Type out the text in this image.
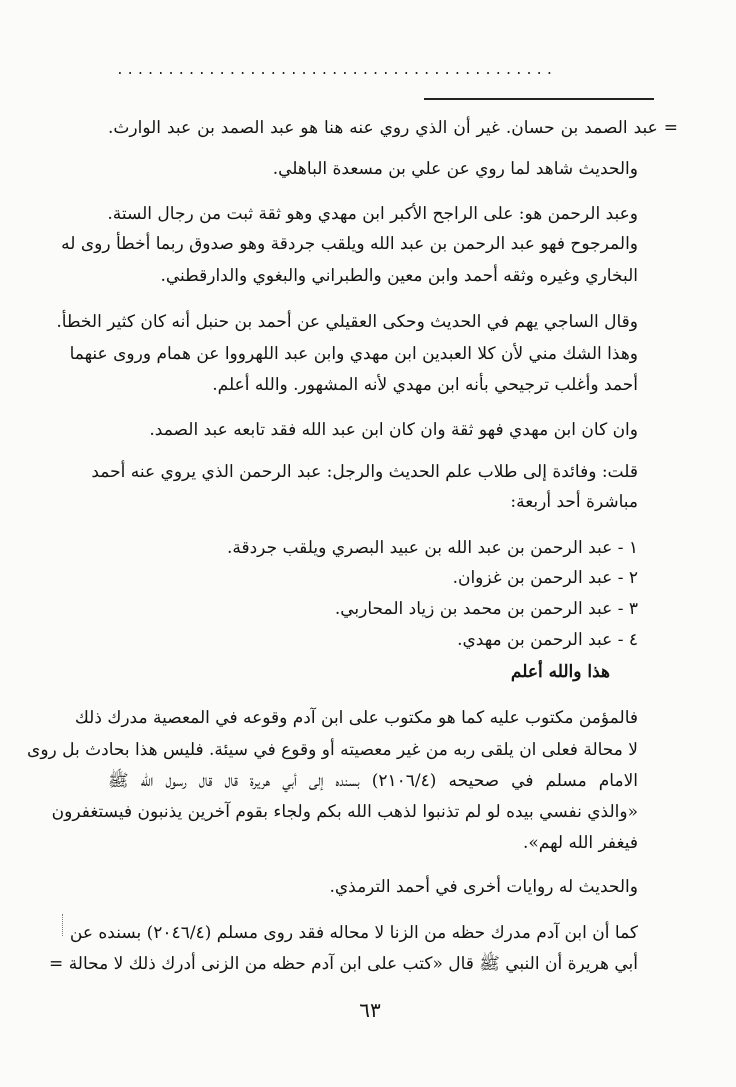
...........................................
= عبد الصمد بن حسان. غير أن الذي روي عنه هنا هو عبد الصمد بن عبد الوارث.
والحديث شاهد لما روي عن علي بن مسعدة الباهلي.
وعبد الرحمن هو: على الراجح الأكبر ابن مهدي وهو ثقة ثبت من رجال الستة.
والمرجوح فهو عبد الرحمن بن عبد الله ويلقب جردقة وهو صدوق ربما أخطأ روى له
البخاري وغيره وثقه أحمد وابن معين والطبراني والبغوي والدارقطني.
وقال الساجي يهم في الحديث وحكى العقيلي عن أحمد بن حنبل أنه كان كثير الخطأ.
وهذا الشك مني لأن كلا العبدين ابن مهدي وابن عبد اللهرووا عن همام وروى عنهما
أحمد وأغلب ترجيحي بأنه ابن مهدي لأنه المشهور. والله أعلم.
وان كان ابن مهدي فهو ثقة وان كان ابن عبد الله فقد تابعه عبد الصمد.
قلت: وفائدة إلى طلاب علم الحديث والرجل: عبد الرحمن الذي يروي عنه أحمد
مباشرة أحد أربعة:
١ - عبد الرحمن بن عبد الله بن عبيد البصري ويلقب جردقة.
٢ - عبد الرحمن بن غزوان.
٣ - عبد الرحمن بن محمد بن زياد المحاربي.
٤ - عبد الرحمن بن مهدي.
هذا والله أعلم
فالمؤمن مكتوب عليه كما هو مكتوب على ابن آدم وقوعه في المعصية مدرك ذلك
لا محالة فعلى ان يلقى ربه من غير معصيته أو وقوع في سيئة. فليس هذا بحادث بل روى
الامام مسلم في صحيحه (٢١٠٦/٤) بسنده إلى أبي هريرة قال قال رسول الله ﷺ
«والذي نفسي بيده لو لم تذنبوا لذهب الله بكم ولجاء بقوم آخرين يذنبون فيستغفرون
فيغفر الله لهم».
والحديث له روايات أخرى في أحمد الترمذي.
كما أن ابن آدم مدرك حظه من الزنا لا محاله فقد روى مسلم (٢٠٤٦/٤) بسنده عن
أبي هريرة أن النبي ﷺ قال «كتب على ابن آدم حظه من الزنى أدرك ذلك لا محالة =
٦٣
